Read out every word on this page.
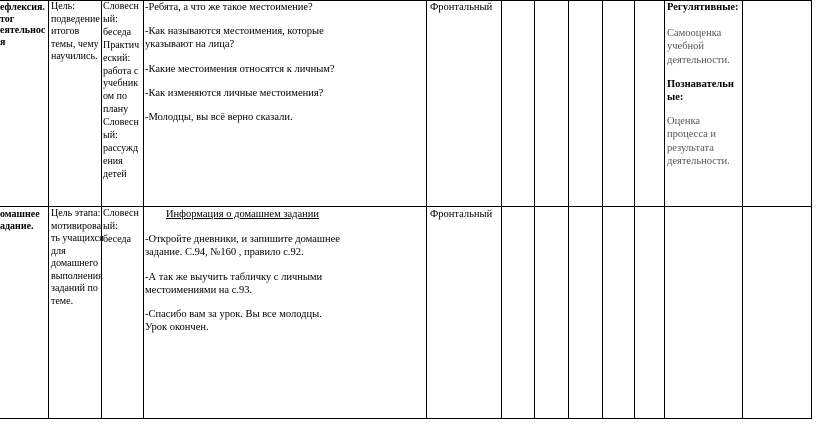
ефлексия.
тог
еятельнос
я
Цель:
подведение
итогов
темы, чему
научились.
Словесн
ый:
беседа
Практич
eский:
работа с
учебник
ом по
плану
Словесн
ый:
рассужд
ения
детей

-Ребята, а что же такое местоимение?

-Как называются местоимения, которые указывают на лица?

-Какие местоимения относятся к личным?

-Как изменяются личные местоимения?

-Молодцы, вы всё верно сказали.

Фронтальный	Регулятивные:

Самооценка учебной деятельности.

Познавательные:

Оценка процесса и результата деятельности.

омашнее
адание.
Цель этапа:
мотивирова
ть учащихся
для
домашнего
выполнения
заданий по
теме.
Словесн
ый:
беседа

Информация о домашнем задании

-Откройте дневники, и запишите домашнее задание. С.94, №160 , правило с.92.

-А так же выучить табличку с личными местоимениями на с.93.

-Спасибо вам за урок. Вы все молодцы. Урок окончен.

Фронтальный
